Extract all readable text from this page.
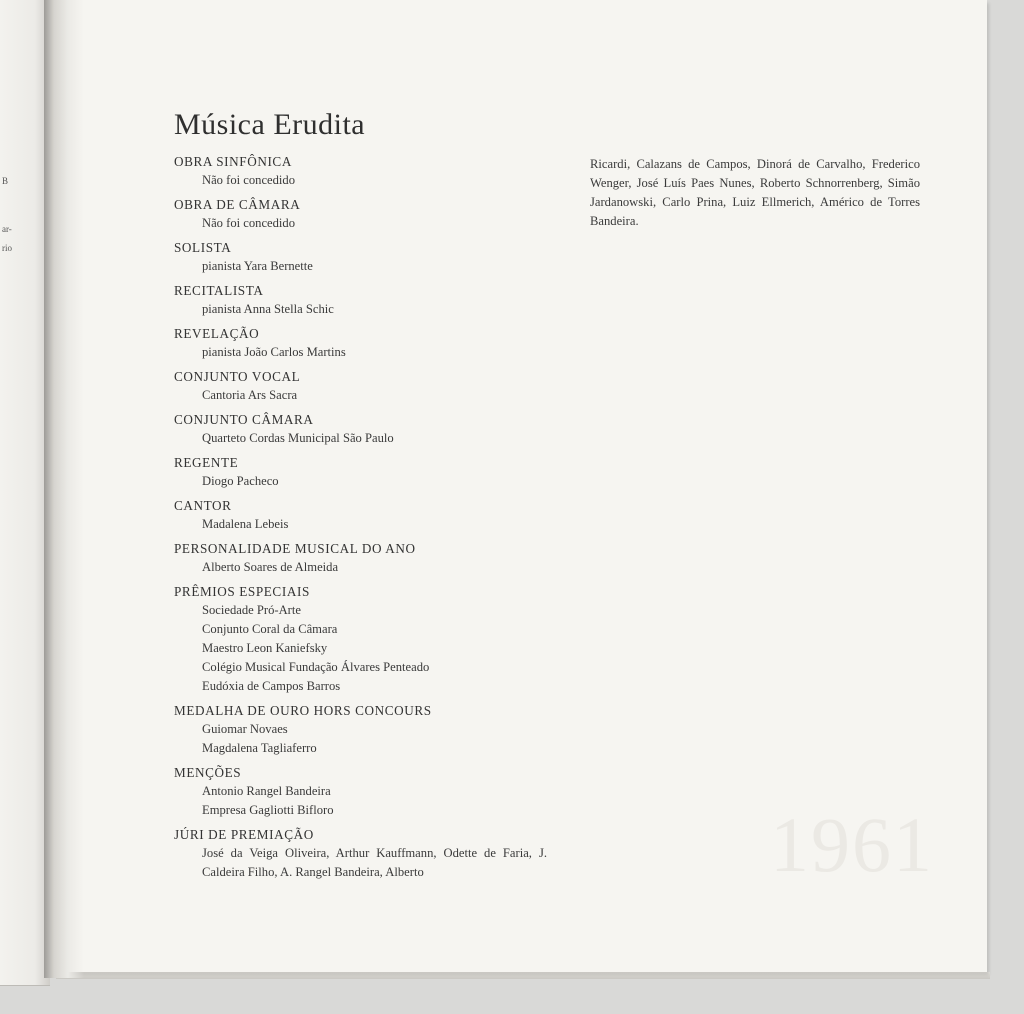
B
ar-
rio
1961
Música Erudita
OBRA SINFÔNICA
Não foi concedido
OBRA DE CÂMARA
Não foi concedido
SOLISTA
pianista Yara Bernette
RECITALISTA
pianista Anna Stella Schic
REVELAÇÃO
pianista João Carlos Martins
CONJUNTO VOCAL
Cantoria Ars Sacra
CONJUNTO CÂMARA
Quarteto Cordas Municipal São Paulo
REGENTE
Diogo Pacheco
CANTOR
Madalena Lebeis
PERSONALIDADE MUSICAL DO ANO
Alberto Soares de Almeida
PRÊMIOS ESPECIAIS
Sociedade Pró-Arte
Conjunto Coral da Câmara
Maestro Leon Kaniefsky
Colégio Musical Fundação Álvares Penteado
Eudóxia de Campos Barros
MEDALHA DE OURO HORS CONCOURS
Guiomar Novaes
Magdalena Tagliaferro
MENÇÕES
Antonio Rangel Bandeira
Empresa Gagliotti Bifloro
JÚRI DE PREMIAÇÃO
José da Veiga Oliveira, Arthur Kauffmann, Odette de Faria, J. Caldeira Filho, A. Rangel Bandeira, Alberto
Ricardi, Calazans de Campos, Dinorá de Carvalho, Frederico Wenger, José Luís Paes Nunes, Roberto Schnorrenberg, Simão Jardanowski, Carlo Prina, Luiz Ellmerich, Américo de Torres Bandeira.
